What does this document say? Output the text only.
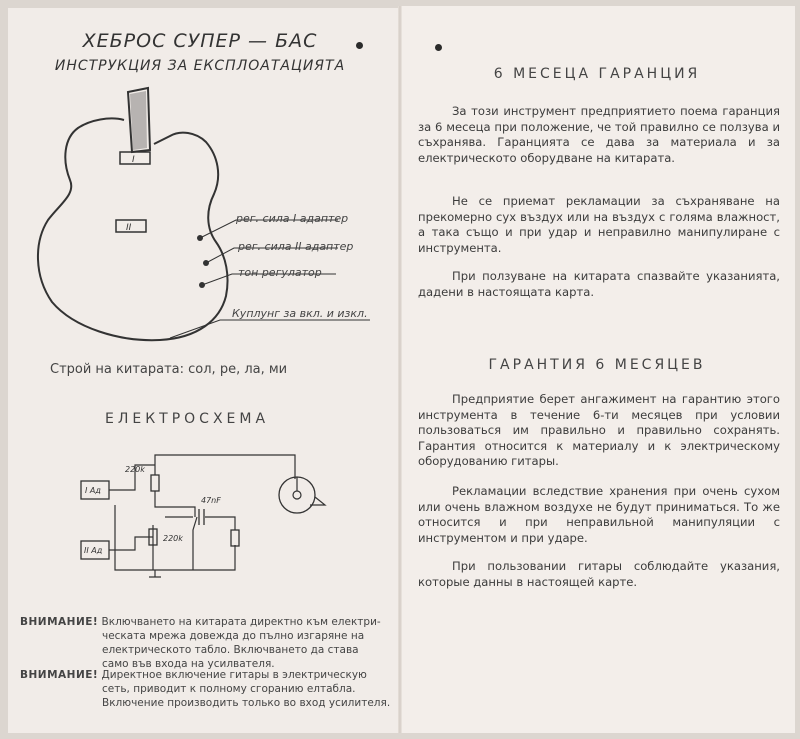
ХЕБРОС СУПЕР — БАС
ИНСТРУКЦИЯ ЗА ЕКСПЛОАТАЦИЯТА
I
II
рег. сила I адаптер
рег. сила II адаптер
тон регулатор
Куплунг за вкл. и изкл.
Строй на китарата: сол, ре, ла, ми
ЕЛЕКТРОСХЕМА
I Ад
II Ад
220k
220k
47nF
ВНИМАНИЕ! Включването на китарата директно към електри-
ческата мрежа довежда до пълно изгаряне на
електрическото табло. Включването да става
само във входа на усилвателя.
ВНИМАНИЕ! Директное включение гитары в электрическую
сеть, приводит к полному сгоранию елтабла.
Включение производить только во вход усилителя.
6 МЕСЕЦА ГАРАНЦИЯ

За този инструмент предприятието поема гаранция за 6 месеца при положение, че той правилно се ползува и съхранява. Гаранцията се дава за материала и за електрическото оборудване на китарата.

Не се приемат рекламации за съхраняване на прекомерно сух въздух или на въздух с голяма влажност, а така също и при удар и неправилно манипулиране с инструмента.

При ползуване на китарата спазвайте указанията, дадени в настоящата карта.

ГАРАНТИЯ 6 МЕСЯЦЕВ

Предприятие берет ангажимент на гарантию этого инструмента в течение 6-ти месяцев при условии пользоваться им правильно и правильно сохранять. Гарантия относится к материалу и к электрическому оборудованию гитары.

Рекламации вследствие хранения при очень сухом или очень влажном воздухе не будут приниматься. То же относится и при неправильной манипуляции с инструментом и при ударе.

При пользовании гитары соблюдайте указания, которые данны в настоящей карте.
